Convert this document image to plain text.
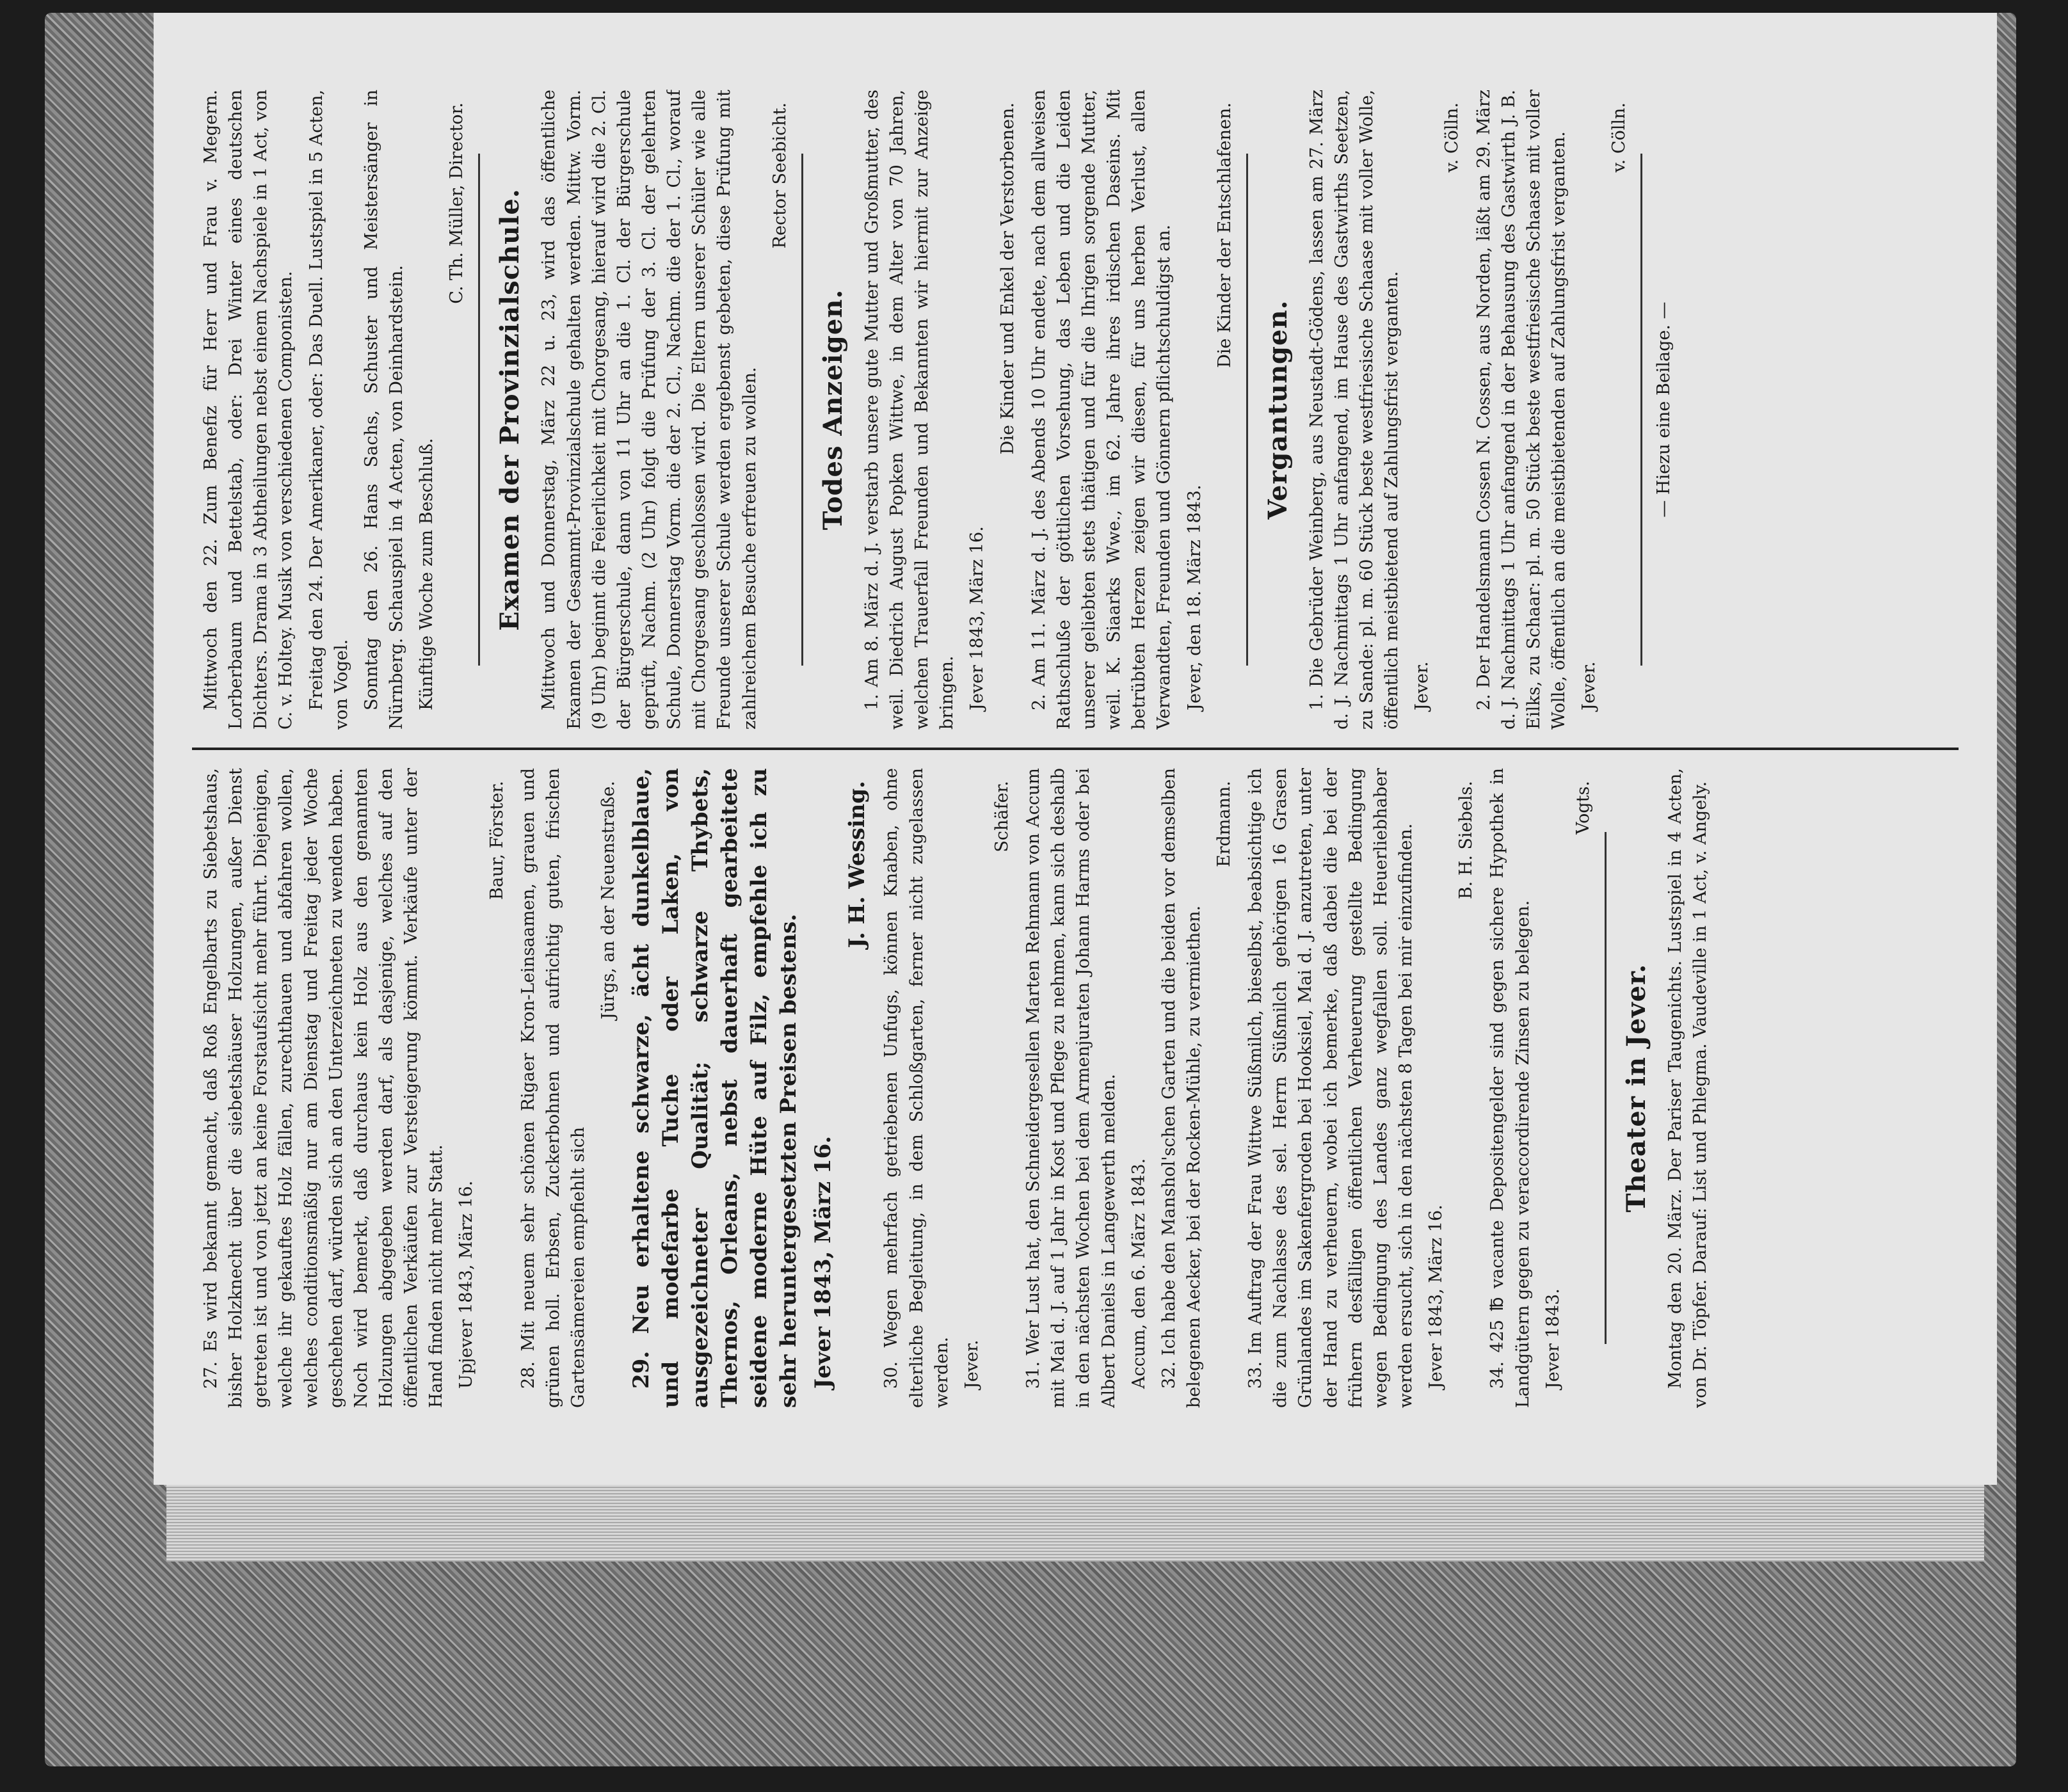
27. Es wird bekannt gemacht, daß Roß Engelbarts zu Siebetshaus, bisher Holzknecht über die siebetshäuser Holzungen, außer Dienst getreten ist und von jetzt an keine Forstaufsicht mehr führt. Diejenigen, welche ihr gekauftes Holz fällen, zurechthauen und abfahren wollen, welches conditionsmäßig nur am Dienstag und Freitag jeder Woche geschehen darf, würden sich an den Unterzeichneten zu wenden haben. Noch wird bemerkt, daß durchaus kein Holz aus den genannten Holzungen abgegeben werden darf, als dasjenige, welches auf den öffentlichen Verkäufen zur Versteigerung kömmt. Verkäufe unter der Hand finden nicht mehr Statt. Upjever 1843, März 16.

Baur, Förster.

28. Mit neuem sehr schönen Rigaer Kron-Leinsaamen, grauen und grünen holl. Erbsen, Zuckerbohnen und aufrichtig guten, frischen Gartensämereien empfiehlt sich

Jürgs, an der Neuenstraße.

29. Neu erhaltene schwarze, ächt dunkelblaue, und modefarbe Tuche oder Laken, von ausgezeichneter Qualität; schwarze Thybets, Thernos, Orleans, nebst dauerhaft gearbeitete seidene moderne Hüte auf Filz, empfehle ich zu sehr heruntergesetzten Preisen bestens. Jever 1843, März 16.

J. H. Wessing.

30. Wegen mehrfach getriebenen Unfugs, können Knaben, ohne elterliche Begleitung, in dem Schloßgarten, ferner nicht zugelassen werden. Jever.

Schäfer.

31. Wer Lust hat, den Schneidergesellen Marten Rehmann von Accum mit Mai d. J. auf 1 Jahr in Kost und Pflege zu nehmen, kann sich deshalb in den nächsten Wochen bei dem Armenjuraten Johann Harms oder bei Albert Daniels in Langewerth melden. Accum, den 6. März 1843. 32. Ich habe den Manshol'schen Garten und die beiden vor demselben belegenen Aecker, bei der Rocken-Mühle, zu vermiethen.

Erdmann.

33. Im Auftrag der Frau Wittwe Süßmilch, bieselbst, beabsichtige ich die zum Nachlasse des sel. Herrn Süßmilch gehörigen 16 Grasen Grünlandes im Sakenfergroden bei Hooksiel, Mai d. J. anzutreten, unter der Hand zu verheuern, wobei ich bemerke, daß dabei die bei der frühern desfälligen öffentlichen Verheuerung gestellte Bedingung wegen Bedingung des Landes ganz wegfallen soll. Heuerliebhaber werden ersucht, sich in den nächsten 8 Tagen bei mir einzufinden. Jever 1843, März 16.

B. H. Siebels.

34. 425 ℔ vacante Depositengelder sind gegen sichere Hypothek in Landgütern gegen zu veraccordirende Zinsen zu belegen. Jever 1843.

Vogts.

Theater in Jever. Montag den 20. März. Der Pariser Taugenichts. Lustspiel in 4 Acten, von Dr. Töpfer. Darauf: List und Phlegma. Vaudeville in 1 Act, v. Angely.

Mittwoch den 22. Zum Benefiz für Herr und Frau v. Megern. Lorberbaum und Bettelstab, oder: Drei Winter eines deutschen Dichters. Drama in 3 Abtheilungen nebst einem Nachspiele in 1 Act, von C. v. Holtey. Musik von verschiedenen Componisten. Freitag den 24. Der Amerikaner, oder: Das Duell. Lustspiel in 5 Acten, von Vogel. Sonntag den 26. Hans Sachs, Schuster und Meistersänger in Nürnberg. Schauspiel in 4 Acten, von Deinhardstein. Künftige Woche zum Beschluß.

C. Th. Müller, Director. Examen der Provinzialschule. Mittwoch und Donnerstag, März 22 u. 23, wird das öffentliche Examen der Gesammt-Provinzialschule gehalten werden. Mittw. Vorm. (9 Uhr) beginnt die Feierlichkeit mit Chorgesang, hierauf wird die 2. Cl. der Bürgerschule, dann von 11 Uhr an die 1. Cl. der Bürgerschule geprüft, Nachm. (2 Uhr) folgt die Prüfung der 3. Cl. der gelehrten Schule, Donnerstag Vorm. die der 2. Cl., Nachm. die der 1. Cl., worauf mit Chorgesang geschlossen wird. Die Eltern unserer Schüler wie alle Freunde unserer Schule werden ergebenst gebeten, diese Prüfung mit zahlreichem Besuche erfreuen zu wollen.

Rector Seebicht.

Todes Anzeigen.

1. Am 8. März d. J. verstarb unsere gute Mutter und Großmutter, des weil. Diedrich August Popken Wittwe, in dem Alter von 70 Jahren, welchen Trauerfall Freunden und Bekannten wir hiermit zur Anzeige bringen. Jever 1843, März 16.

Die Kinder und Enkel der Verstorbenen.

2. Am 11. März d. J. des Abends 10 Uhr endete, nach dem allweisen Rathschluße der göttlichen Vorsehung, das Leben und die Leiden unserer geliebten stets thätigen und für die Ihrigen sorgende Mutter, weil. K. Siaarks Wwe., im 62. Jahre ihres irdischen Daseins. Mit betrübten Herzen zeigen wir diesen, für uns herben Verlust, allen Verwandten, Freunden und Gönnern pflichtschuldigst an. Jever, den 18. März 1843.

Die Kinder der Entschlafenen.

Vergantungen.

1. Die Gebrüder Weinberg, aus Neustadt-Gödens, lassen am 27. März d. J. Nachmittags 1 Uhr anfangend, im Hause des Gastwirths Seetzen, zu Sande: pl. m. 60 Stück beste westfriesische Schaase mit voller Wolle, öffentlich meistbietend auf Zahlungsfrist verganten. Jever.

v. Cölln.

2. Der Handelsmann Cossen N. Cossen, aus Norden, läßt am 29. März d. J. Nachmittags 1 Uhr anfangend in der Behausung des Gastwirth J. B. Eilks, zu Schaar: pl. m. 50 Stück beste westfriesische Schaase mit voller Wolle, öffentlich an die meistbietenden auf Zahlungsfrist verganten. Jever.

v. Cölln.

— Hiezu eine Beilage. —
